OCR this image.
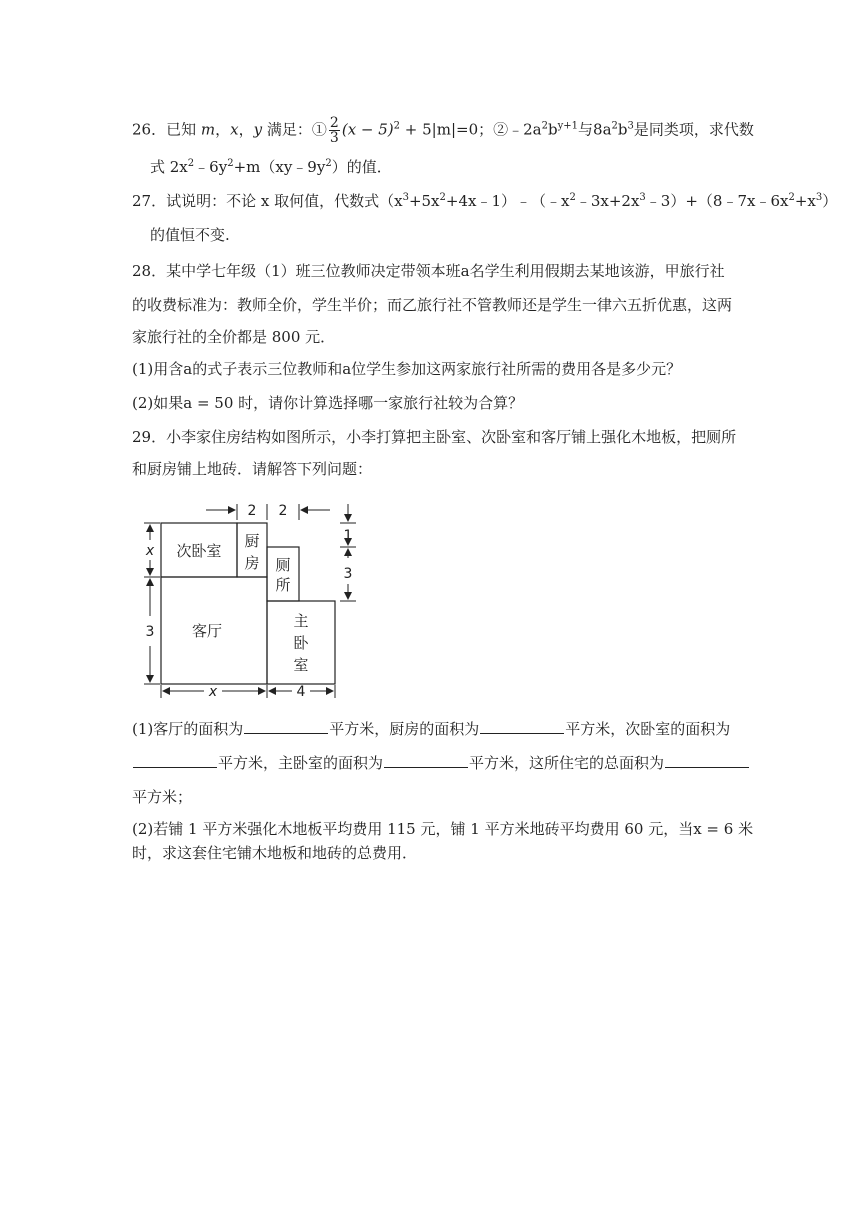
26．已知 m，x，y 满足：① $\frac{2}{3} (x - 5)^2 + 5|m|=0$；$②﹣2a^2b^{y+1}$与$8a^2b^3$是同类项，求代数
式 $2x^2﹣6y^2+m(xy﹣9y^2)$的值．
27．试说明：不论 x 取何值，代数式$(x^3+5x^2+4x﹣1)﹣(﹣x^2﹣3x+2x^3﹣3)+(8﹣7x﹣6x^2+x^3)$
的值恒不变.
28．某中学七年级（1）班三位教师决定带领本班a名学生利用假期去某地该游，甲旅行社
的收费标准为：教师全价，学生半价；而乙旅行社不管教师还是学生一律六五折优惠，这两
家旅行社的全价都是 800 元．
(1)用含a的式子表示三位教师和a位学生参加这两家旅行社所需的费用各是多少元？
(2)如果a = 50 时，请你计算选择哪一家旅行社较为合算？
29．小李家住房结构如图所示，小李打算把主卧室、次卧室和客厅铺上强化木地板，把厕所
和厨房铺上地砖．请解答下列问题：
次卧室
厨
房 厕
所
客厅
主
卧
室
2 2
x
3
1
3
x	4
(1)客厅的面积为	平方米，厨房的面积为	平方米，次卧室的面积为
平方米，主卧室的面积为	平方米，这所住宅的总面积为
平方米；
(2)若铺 1 平方米强化木地板平均费用 115 元，铺 1 平方米地砖平均费用 60 元，当x = 6 米
时，求这套住宅铺木地板和地砖的总费用．
